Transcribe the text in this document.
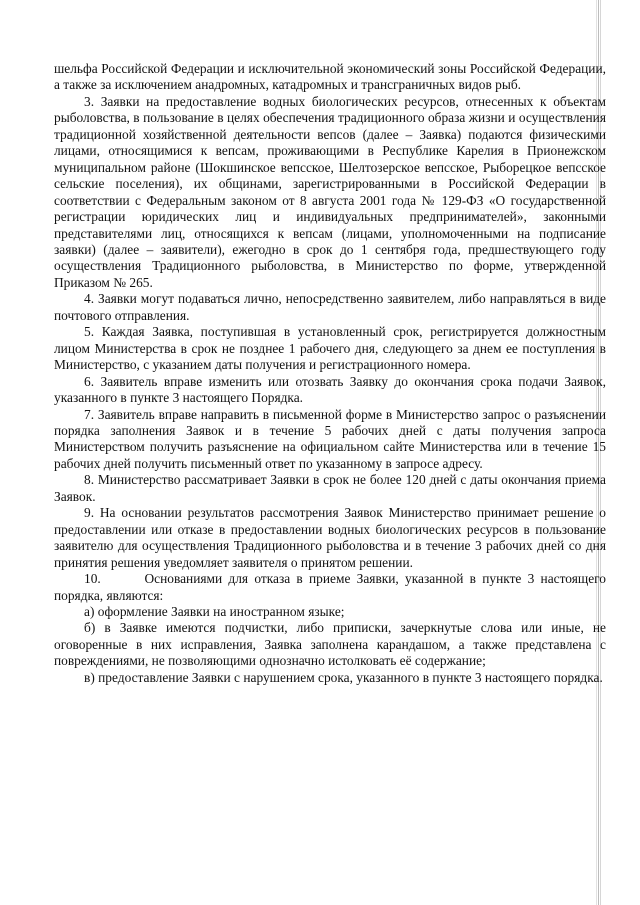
шельфа Российской Федерации и исключительной экономический зоны Российской Федерации, а также за исключением анадромных, катадромных и трансграничных видов рыб.

3. Заявки на предоставление водных биологических ресурсов, отнесенных к объектам рыболовства, в пользование в целях обеспечения традиционного образа жизни и осуществления традиционной хозяйственной деятельности вепсов (далее – Заявка) подаются физическими лицами, относящимися к вепсам, проживающими в Республике Карелия в Прионежском муниципальном районе (Шокшинское вепсское, Шелтозерское вепсское, Рыборецкое вепсское сельские поселения), их общинами, зарегистрированными в Российской Федерации в соответствии с Федеральным законом от 8 августа 2001 года № 129-ФЗ «О государственной регистрации юридических лиц и индивидуальных предпринимателей», законными представителями лиц, относящихся к вепсам (лицами, уполномоченными на подписание заявки) (далее – заявители), ежегодно в срок до 1 сентября года, предшествующего году осуществления Традиционного рыболовства, в Министерство по форме, утвержденной Приказом № 265.

4. Заявки могут подаваться лично, непосредственно заявителем, либо направляться в виде почтового отправления.

5. Каждая Заявка, поступившая в установленный срок, регистрируется должностным лицом Министерства в срок не позднее 1 рабочего дня, следующего за днем ее поступления в Министерство, с указанием даты получения и регистрационного номера.

6. Заявитель вправе изменить или отозвать Заявку до окончания срока подачи Заявок, указанного в пункте 3 настоящего Порядка.

7. Заявитель вправе направить в письменной форме в Министерство запрос о разъяснении порядка заполнения Заявок и в течение 5 рабочих дней с даты получения запроса Министерством получить разъяснение на официальном сайте Министерства или в течение 15 рабочих дней получить письменный ответ по указанному в запросе адресу.

8. Министерство рассматривает Заявки в срок не более 120 дней с даты окончания приема Заявок.

9. На основании результатов рассмотрения Заявок Министерство принимает решение о предоставлении или отказе в предоставлении водных биологических ресурсов в пользование заявителю для осуществления Традиционного рыболовства и в течение 3 рабочих дней со дня принятия решения уведомляет заявителя о принятом решении.

10.       Основаниями для отказа в приеме Заявки, указанной в пункте 3 настоящего порядка, являются:

а) оформление Заявки на иностранном языке;

б) в Заявке имеются подчистки, либо приписки, зачеркнутые слова или иные, не оговоренные в них исправления, Заявка заполнена карандашом, а также представлена с повреждениями, не позволяющими однозначно истолковать её содержание;

в) предоставление Заявки с нарушением срока, указанного в пункте 3 настоящего порядка.
